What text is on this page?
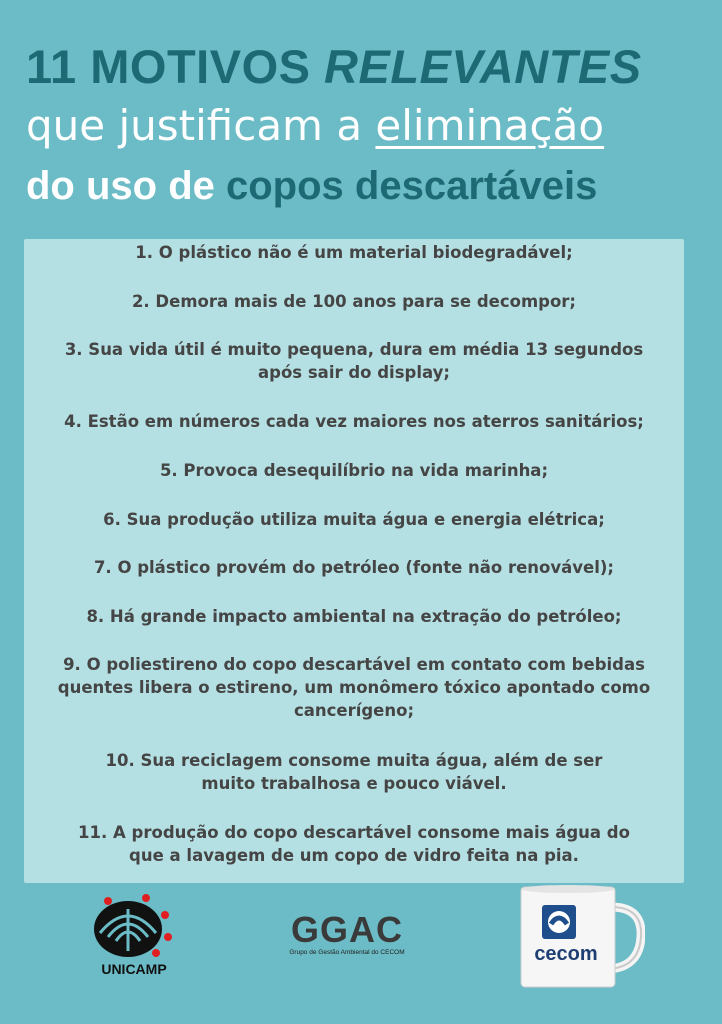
11 MOTIVOS RELEVANTES
que justificam a eliminação
do uso de copos descartáveis
1. O plástico não é um material biodegradável;
2. Demora mais de 100 anos para se decompor;
3. Sua vida útil é muito pequena, dura em média 13 segundos após sair do display;
4. Estão em números cada vez maiores nos aterros sanitários;
5. Provoca desequilíbrio na vida marinha;
6. Sua produção utiliza muita água e energia elétrica;
7. O plástico provém do petróleo (fonte não renovável);
8. Há grande impacto ambiental na extração do petróleo;
9. O poliestireno do copo descartável em contato com bebidas quentes libera o estireno, um monômero tóxico apontado como cancerígeno;
10. Sua reciclagem consome muita água, além de ser muito trabalhosa e pouco viável.
11. A produção do copo descartável consome mais água do que a lavagem de um copo de vidro feita na pia.
UNICAMP
GGAC
Grupo de Gestão Ambiental do CECOM	cecom
